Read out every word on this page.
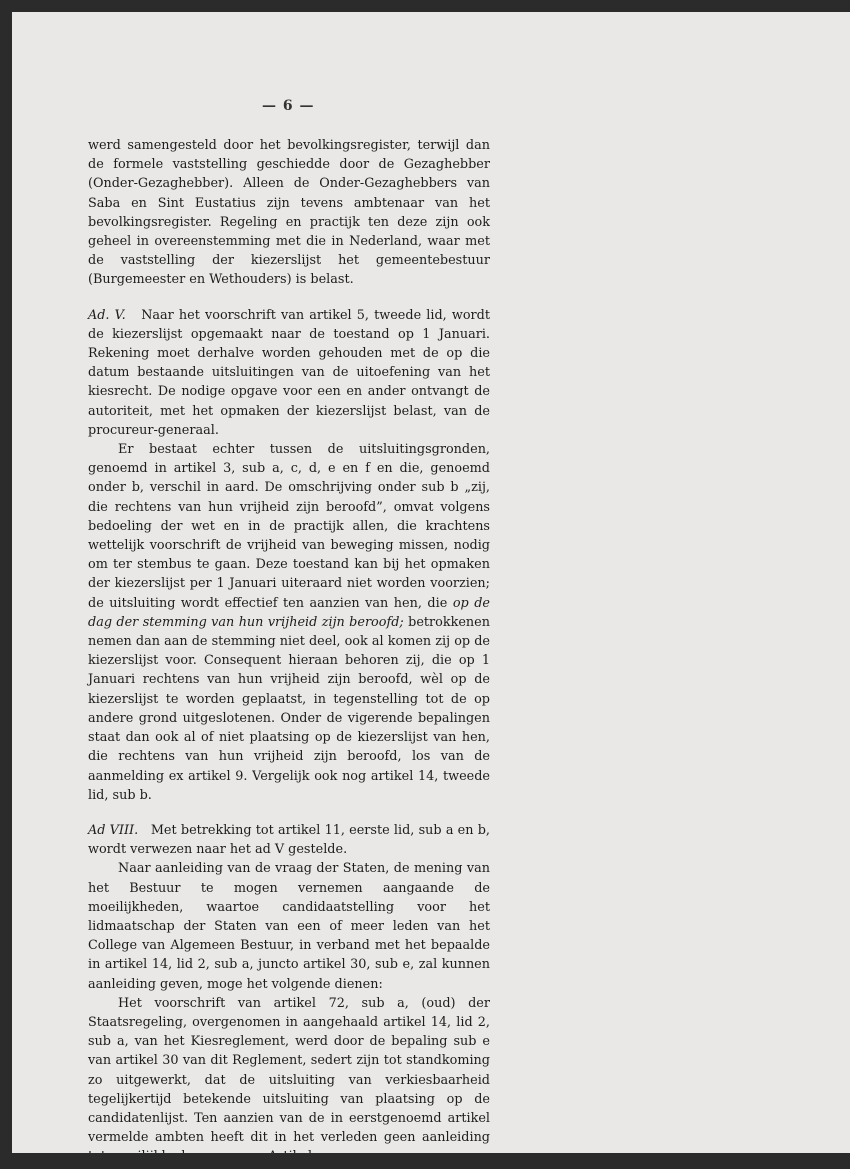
— 6 —

werd samengesteld door het bevolkingsregister, terwijl dan de formele vaststelling geschiedde door de Gezaghebber (Onder-Gezaghebber). Alleen de Onder-Gezaghebbers van Saba en Sint Eustatius zijn tevens ambtenaar van het bevolkingsregister. Regeling en practijk ten deze zijn ook geheel in overeenstemming met die in Nederland, waar met de vaststelling der kiezerslijst het gemeentebestuur (Burgemeester en Wethouders) is belast.

Ad. V. Naar het voorschrift van artikel 5, tweede lid, wordt de kiezerslijst opgemaakt naar de toestand op 1 Januari. Rekening moet derhalve worden gehouden met de op die datum bestaande uitsluitingen van de uitoefening van het kiesrecht. De nodige opgave voor een en ander ontvangt de autoriteit, met het opmaken der kiezerslijst belast, van de procureur-generaal.

Er bestaat echter tussen de uitsluitingsgronden, genoemd in artikel 3, sub a, c, d, e en f en die, genoemd onder b, verschil in aard. De omschrijving onder sub b „zij, die rechtens van hun vrijheid zijn beroofd”, omvat volgens bedoeling der wet en in de practijk allen, die krachtens wettelijk voorschrift de vrijheid van beweging missen, nodig om ter stembus te gaan. Deze toestand kan bij het opmaken der kiezerslijst per 1 Januari uiteraard niet worden voorzien; de uitsluiting wordt effectief ten aanzien van hen, die op de dag der stemming van hun vrijheid zijn beroofd; betrokkenen nemen dan aan de stemming niet deel, ook al komen zij op de kiezerslijst voor. Consequent hieraan behoren zij, die op 1 Januari rechtens van hun vrijheid zijn beroofd, wèl op de kiezerslijst te worden geplaatst, in tegenstelling tot de op andere grond uitgeslotenen. Onder de vigerende bepalingen staat dan ook al of niet plaatsing op de kiezerslijst van hen, die rechtens van hun vrijheid zijn beroofd, los van de aanmelding ex artikel 9. Vergelijk ook nog artikel 14, tweede lid, sub b.

Ad VIII. Met betrekking tot artikel 11, eerste lid, sub a en b, wordt verwezen naar het ad V gestelde.

Naar aanleiding van de vraag der Staten, de mening van het Bestuur te mogen vernemen aangaande de moeilijkheden, waartoe candidaatstelling voor het lidmaatschap der Staten van een of meer leden van het College van Algemeen Bestuur, in verband met het bepaalde in artikel 14, lid 2, sub a, juncto artikel 30, sub e, zal kunnen aanleiding geven, moge het volgende dienen:

Het voorschrift van artikel 72, sub a, (oud) der Staatsregeling, overgenomen in aangehaald artikel 14, lid 2, sub a, van het Kiesreglement, werd door de bepaling sub e van artikel 30 van dit Reglement, sedert zijn tot standkoming zo uitgewerkt, dat de uitsluiting van verkiesbaarheid tegelijkertijd betekende uitsluiting van plaatsing op de candidatenlijst. Ten aanzien van de in eerstgenoemd artikel vermelde ambten heeft dit in het verleden geen aanleiding
